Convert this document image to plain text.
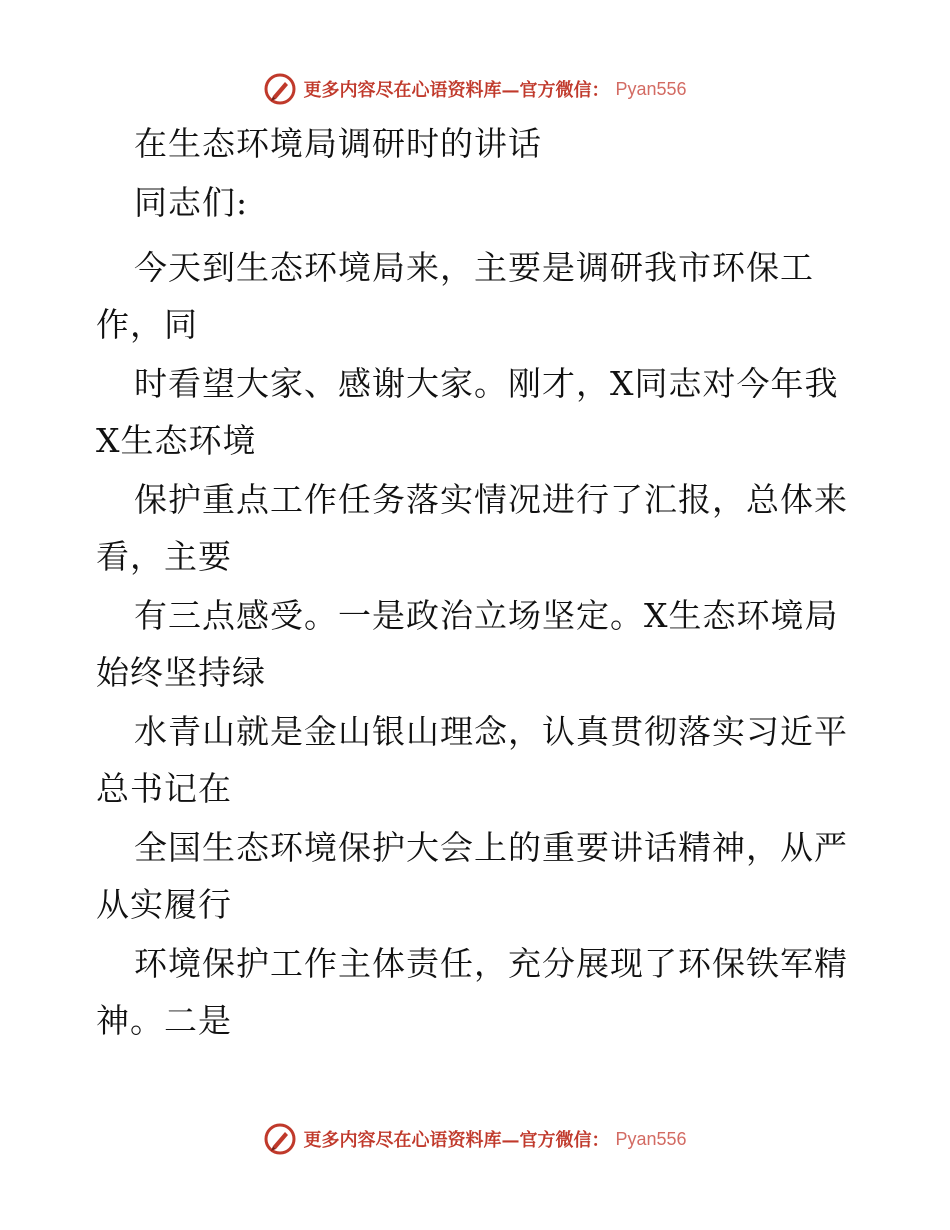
更多内容尽在心语资料库—官方微信： Pyan556
在生态环境局调研时的讲话
同志们:
今天到生态环境局来，主要是调研我市环保工
作，同
时看望大家、感谢大家。刚才，X同志对今年我
X生态环境
保护重点工作任务落实情况进行了汇报，总体来
看，主要
有三点感受。一是政治立场坚定。X生态环境局
始终坚持绿
水青山就是金山银山理念，认真贯彻落实习近平
总书记在
全国生态环境保护大会上的重要讲话精神，从严
从实履行
环境保护工作主体责任，充分展现了环保铁军精
神。二是
更多内容尽在心语资料库—官方微信： Pyan556
